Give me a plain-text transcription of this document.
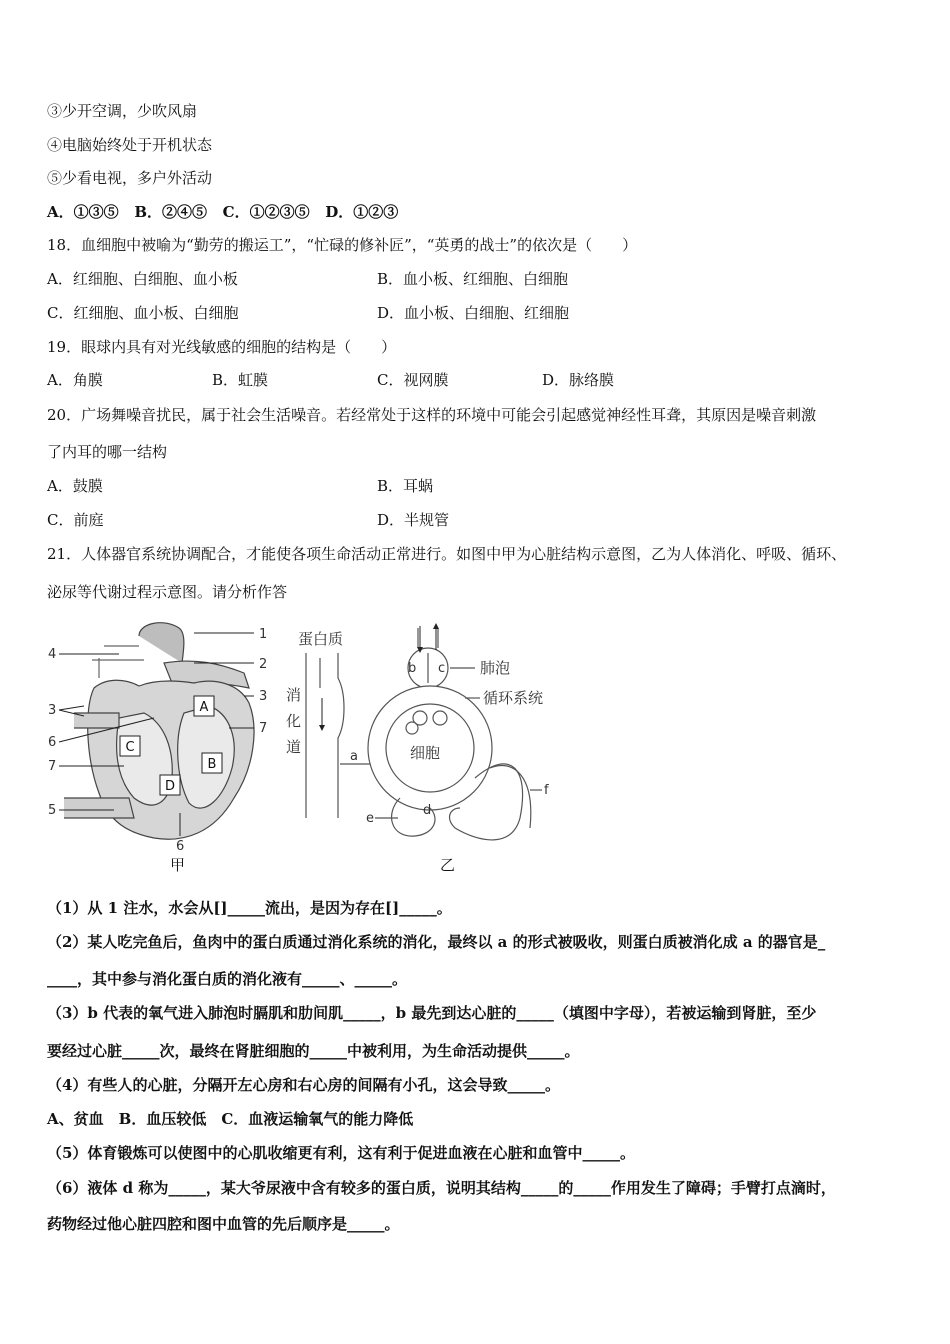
③少开空调，少吹风扇
④电脑始终处于开机状态
⑤少看电视，多户外活动
A．①③⑤ B．②④⑤ C．①②③⑤ D．①②③
18．血细胞中被喻为“勤劳的搬运工”，“忙碌的修补匠”，“英勇的战士”的依次是（　　）
A．红细胞、白细胞、血小板	B．血小板、红细胞、白细胞
C．红细胞、血小板、白细胞	D．血小板、白细胞、红细胞
19．眼球内具有对光线敏感的细胞的结构是（　　）
A．角膜	B．虹膜	C．视网膜	D．脉络膜
20．广场舞噪音扰民，属于社会生活噪音。若经常处于这样的环境中可能会引起感觉神经性耳聋，其原因是噪音刺激
了内耳的哪一结构
A．鼓膜	B．耳蜗
C．前庭	D．半规管
21．人体器官系统协调配合，才能使各项生命活动正常进行。如图中甲为心脏结构示意图，乙为人体消化、呼吸、循环、
泌尿等代谢过程示意图。请分析作答
A
B
C
D
1
2
3
4
3
6
7
7
5
6
甲
蛋白质
消
化
道
肺泡
循环系统
细胞
a
b c
d
e
f
乙
（1）从 1 注水，水会从[]_____流出，是因为存在[]_____。
（2）某人吃完鱼后，鱼肉中的蛋白质通过消化系统的消化，最终以 a 的形式被吸收，则蛋白质被消化成 a 的器官是_
____，其中参与消化蛋白质的消化液有_____、_____。
（3）b 代表的氧气进入肺泡时膈肌和肋间肌_____，b 最先到达心脏的_____（填图中字母），若被运输到肾脏，至少
要经过心脏_____次，最终在肾脏细胞的_____中被利用，为生命活动提供_____。
（4）有些人的心脏，分隔开左心房和右心房的间隔有小孔，这会导致_____。
A、贫血　B．血压较低　C．血液运输氧气的能力降低
（5）体育锻炼可以使图中的心肌收缩更有利，这有利于促进血液在心脏和血管中_____。
（6）液体 d 称为_____，某大爷尿液中含有较多的蛋白质，说明其结构_____的_____作用发生了障碍；手臂打点滴时，
药物经过他心脏四腔和图中血管的先后顺序是_____。
